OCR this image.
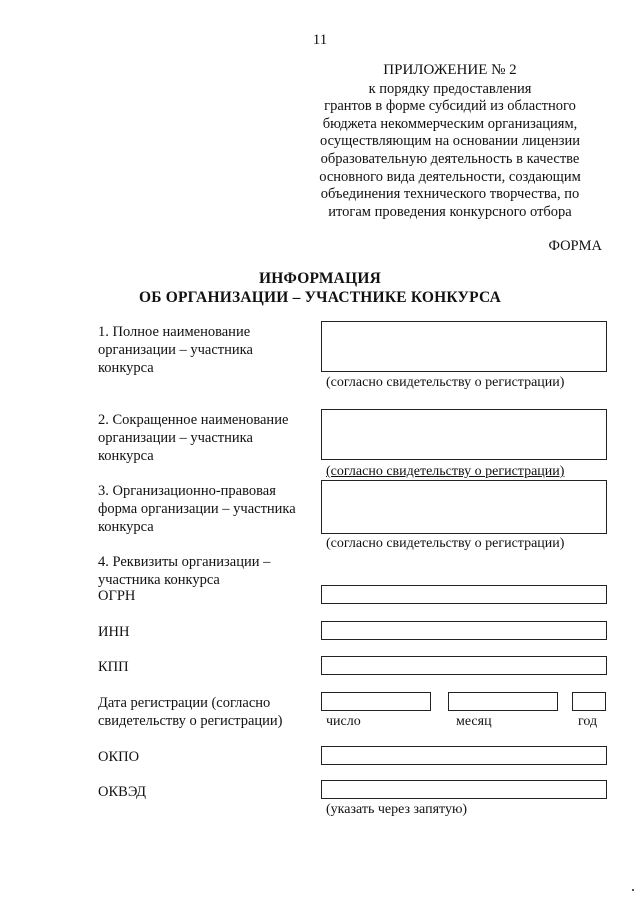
11
ПРИЛОЖЕНИЕ № 2
к порядку предоставления
грантов в форме субсидий из областного
бюджета некоммерческим организациям,
осуществляющим на основании лицензии
образовательную деятельность в качестве
основного вида деятельности, создающим
объединения технического творчества, по
итогам проведения конкурсного отбора
ФОРМА
ИНФОРМАЦИЯ
ОБ ОРГАНИЗАЦИИ – УЧАСТНИКЕ КОНКУРСА
1. Полное наименование
организации – участника
конкурса
(согласно свидетельству о регистрации)
2. Сокращенное наименование
организации – участника
конкурса
(согласно свидетельству о регистрации)
3. Организационно-правовая
форма организации – участника
конкурса
(согласно свидетельству о регистрации)
4. Реквизиты организации –
участника конкурса
ОГРН
ИНН
КПП
Дата регистрации (согласно
свидетельству о регистрации)	число	месяц	год
ОКПО
ОКВЭД
(указать через запятую)
